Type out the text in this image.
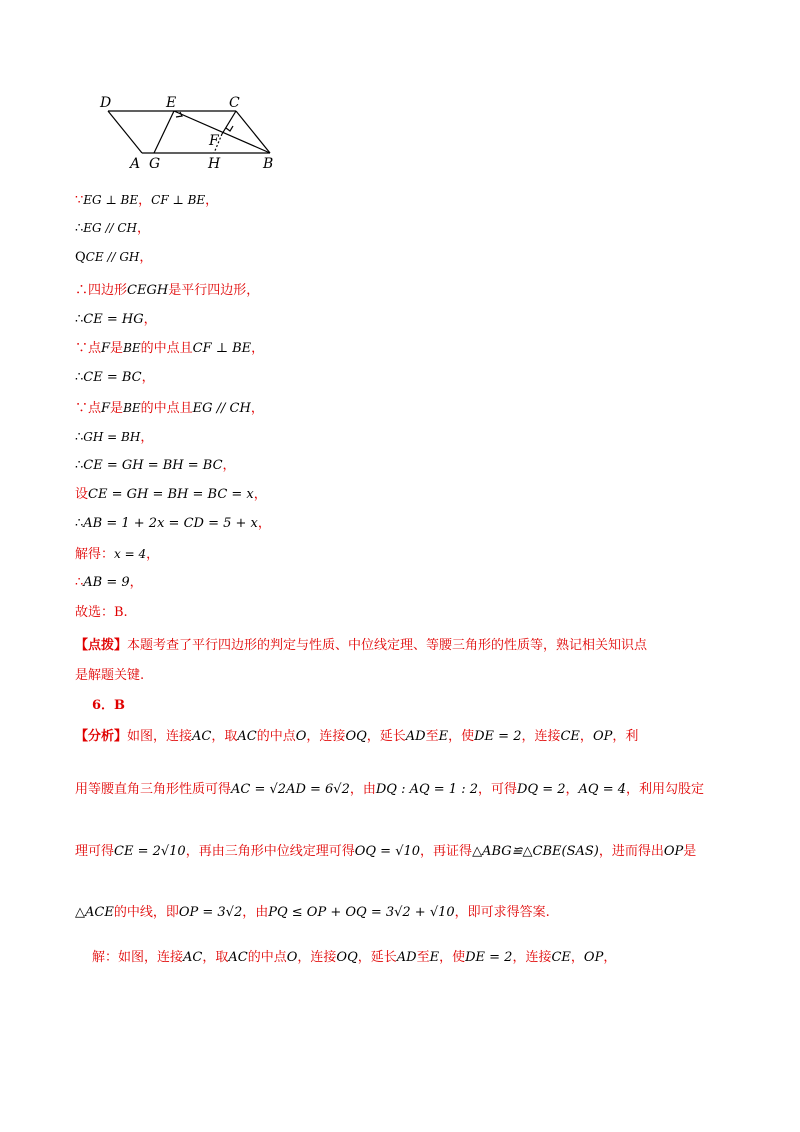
D	E	C
F
A G	H	B
∵EG ⊥ BE，CF ⊥ BE，
∴EG // CH，
QCE // GH，
∴四边形CEGH是平行四边形，
∴CE = HG，
∵点F是BE的中点且CF ⊥ BE，
∴CE = BC，
∵点F是BE的中点且EG // CH，
∴GH = BH，
∴CE = GH = BH = BC，
设CE = GH = BH = BC = x，
∴AB = 1 + 2x = CD = 5 + x，
解得：x = 4，
∴AB = 9，
故选：B.
【点拨】本题考查了平行四边形的判定与性质、中位线定理、等腰三角形的性质等，熟记相关知识点
是解题关键.
6．B
【分析】如图，连接AC，取AC的中点O，连接OQ，延长AD至E，使DE = 2，连接CE，OP，利
用等腰直角三角形性质可得AC = √2AD = 6√2，由DQ : AQ = 1 : 2，可得DQ = 2，AQ = 4，利用勾股定
理可得CE = 2√10，再由三角形中位线定理可得OQ = √10，再证得△ABG≌△CBE(SAS)，进而得出OP是
△ACE的中线，即OP = 3√2，由PQ ≤ OP + OQ = 3√2 + √10，即可求得答案.
解：如图，连接AC，取AC的中点O，连接OQ，延长AD至E，使DE = 2，连接CE，OP，
